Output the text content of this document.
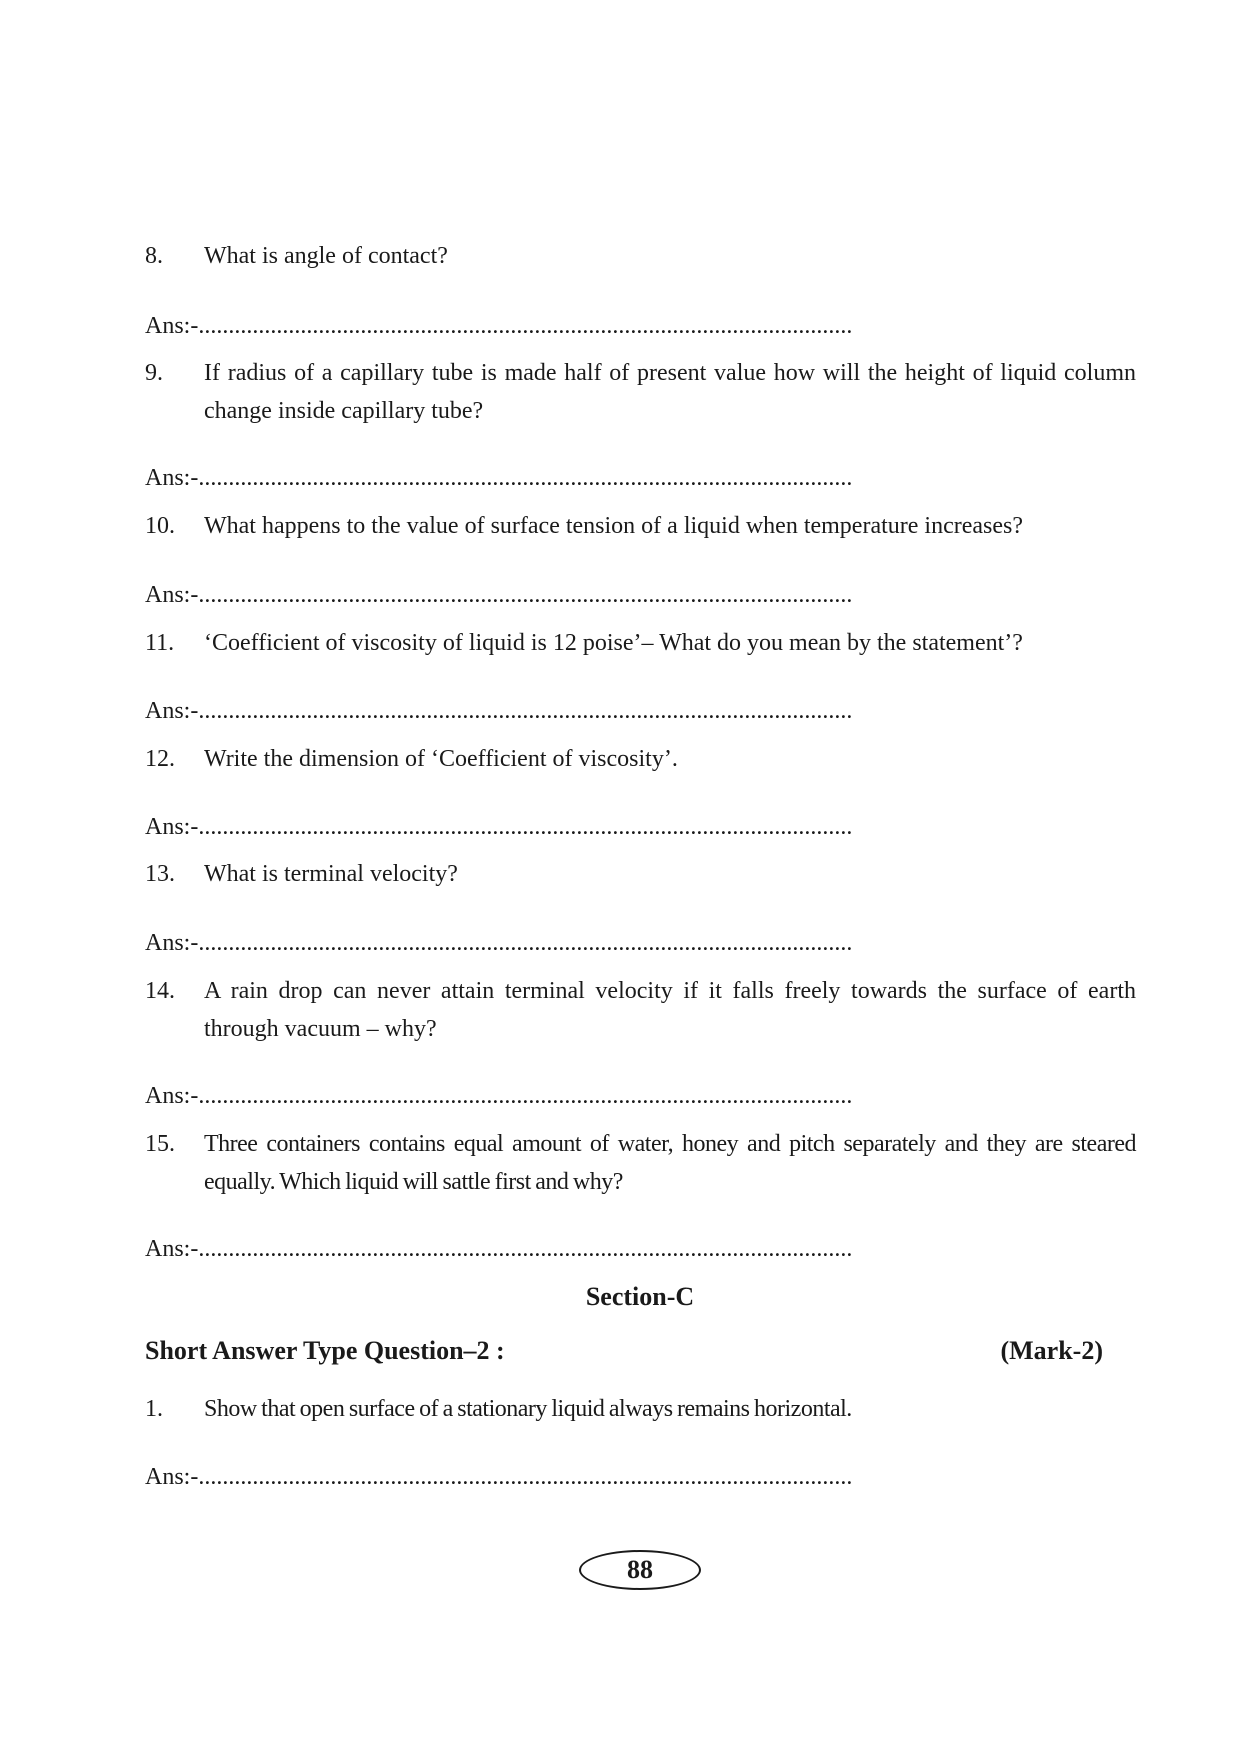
8. What is angle of contact?
Ans:-.............................................................................................................
9. If radius of a capillary tube is made half of present value how will the height of liquid column change inside capillary tube?
Ans:-.............................................................................................................
10. What happens to the value of surface tension of a liquid when temperature increases?
Ans:-.............................................................................................................
11. ‘Coefficient of viscosity of liquid is 12 poise’– What do you mean by the statement’?
Ans:-.............................................................................................................
12. Write the dimension of ‘Coefficient of viscosity’.
Ans:-.............................................................................................................
13. What is terminal velocity?
Ans:-.............................................................................................................
14. A rain drop can never attain terminal velocity if it falls freely towards the surface of earth through vacuum – why?
Ans:-.............................................................................................................
15. Three containers contains equal amount of water, honey and pitch separately and they are steared equally. Which liquid will sattle first and why?
Ans:-.............................................................................................................
Section-C
Short Answer Type Question–2 :	(Mark-2)
1. Show that open surface of a stationary liquid always remains horizontal.
Ans:-.............................................................................................................
88
